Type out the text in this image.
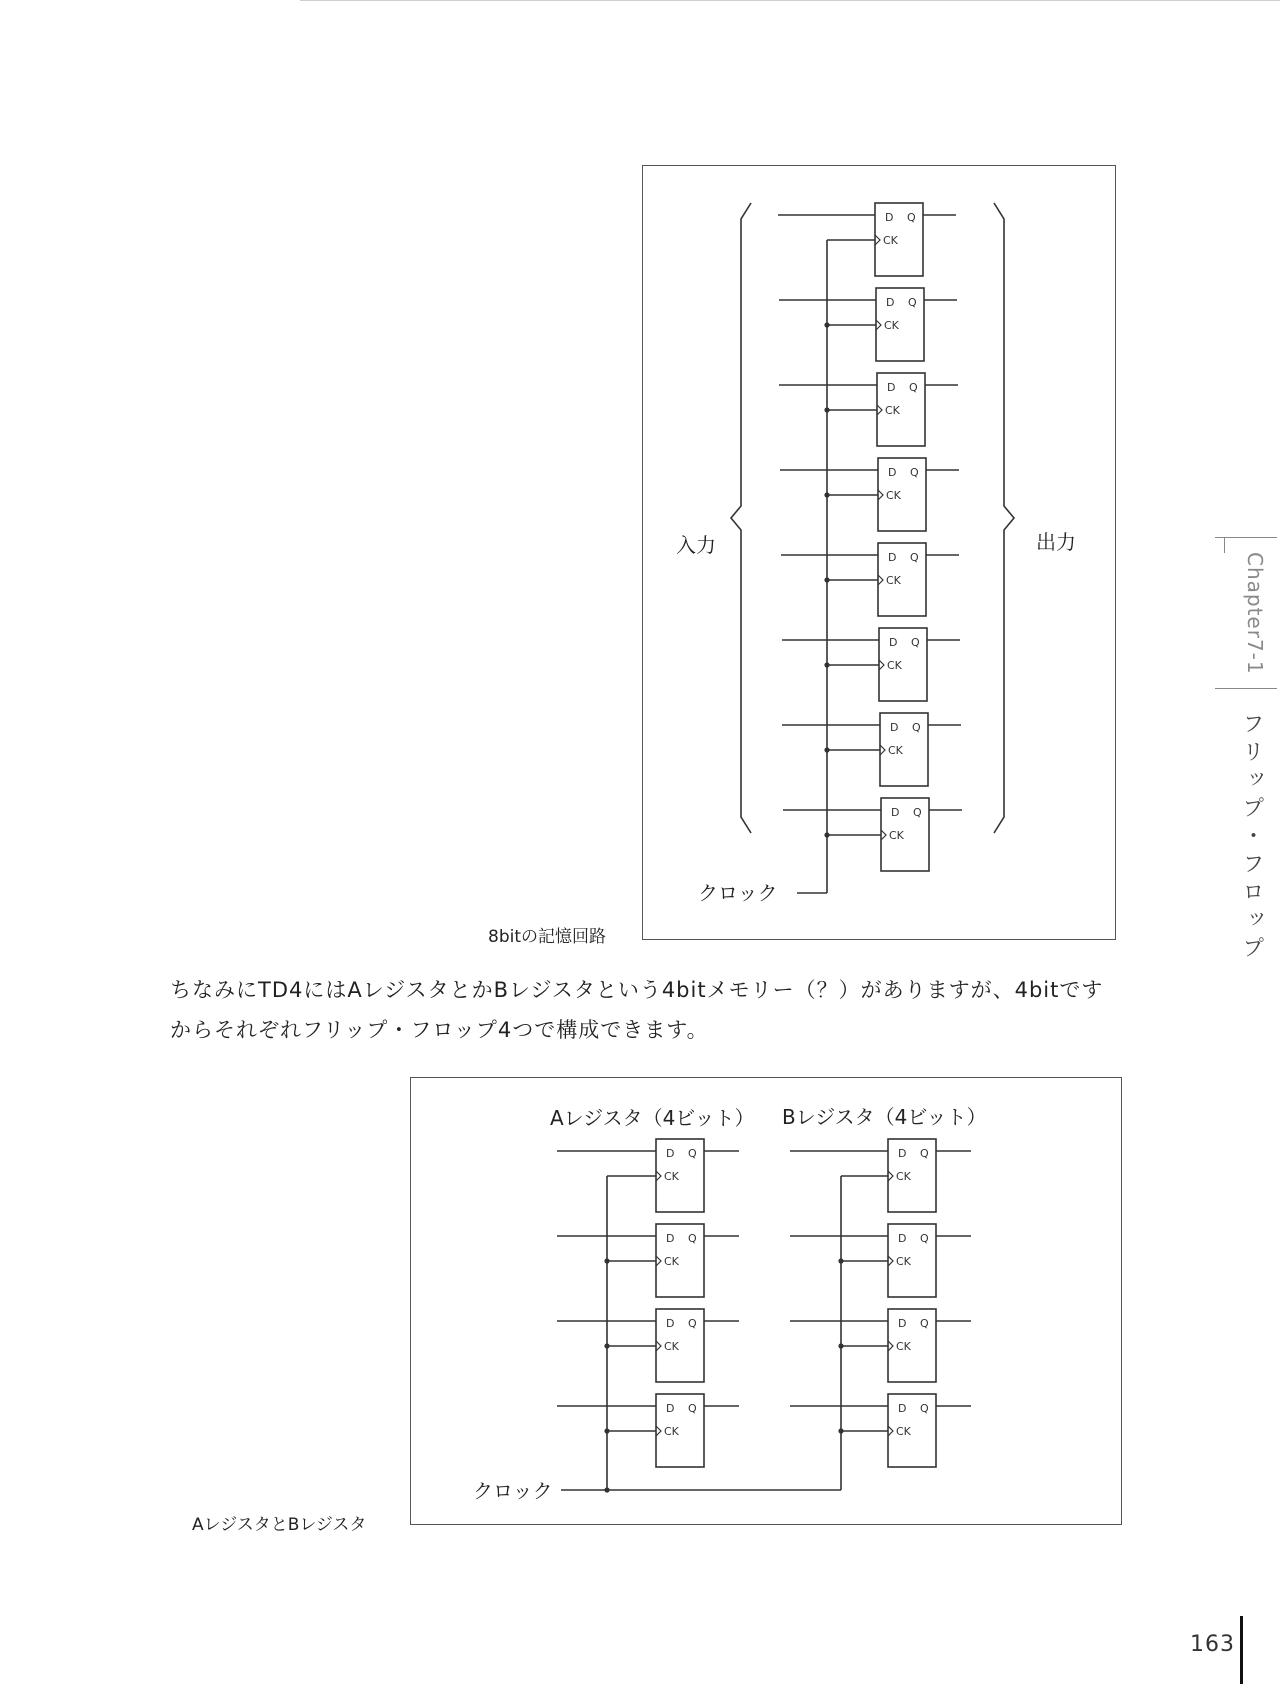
D Q
CK
D Q
CK
D Q
CK
D Q
CK
D Q
CK
D Q
CK
D Q
CK
D Q
CK
クロック
入力	出力
8bitの記憶回路
ちなみにTD4にはAレジスタとかBレジスタという4bitメモリー（？）がありますが、4bitです
からそれぞれフリップ・フロップ4つで構成できます。
D Q
CK
D Q
CK
D Q
CK
D Q
CK
D Q
CK
D Q
CK
D Q
CK
D Q
CK
クロック
Aレジスタ（4ビット） Bレジスタ（4ビット）
AレジスタとBレジスタ
Chapter7-1
フリップ・フロップ
163
